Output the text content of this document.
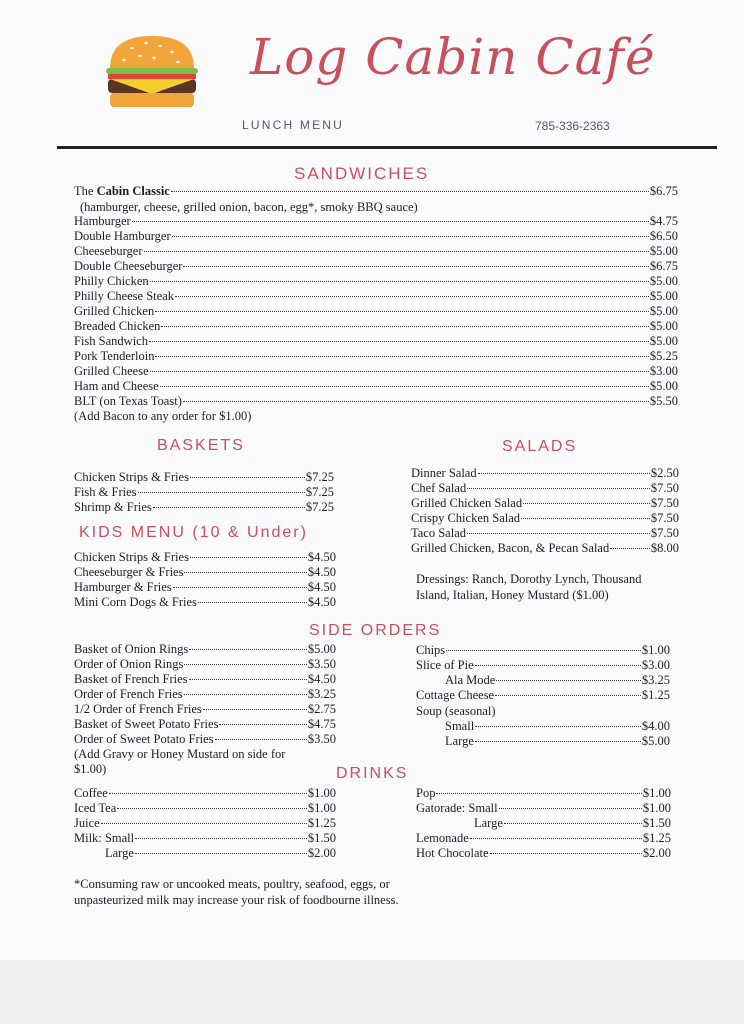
Log Cabin Café
LUNCH MENU	785-336-2363
SANDWICHES
The Cabin Classic	$6.75
(hamburger, cheese, grilled onion, bacon, egg*, smoky BBQ sauce)
Hamburger	$4.75
Double Hamburger	$6.50
Cheeseburger	$5.00
Double Cheeseburger	$6.75
Philly Chicken	$5.00
Philly Cheese Steak	$5.00
Grilled Chicken	$5.00
Breaded Chicken	$5.00
Fish Sandwich	$5.00
Pork Tenderloin	$5.25
Grilled Cheese	$3.00
Ham and Cheese	$5.00
BLT (on Texas Toast)	$5.50
(Add Bacon to any order for $1.00)
BASKETS
Chicken Strips & Fries	$7.25
Fish & Fries	$7.25
Shrimp & Fries	$7.25
KIDS MENU (10 & Under)
Chicken Strips & Fries	$4.50
Cheeseburger & Fries	$4.50
Hamburger & Fries	$4.50
Mini Corn Dogs & Fries	$4.50
SALADS
Dinner Salad	$2.50
Chef Salad	$7.50
Grilled Chicken Salad	$7.50
Crispy Chicken Salad	$7.50
Taco Salad	$7.50
Grilled Chicken, Bacon, & Pecan Salad	$8.00
Dressings: Ranch, Dorothy Lynch, Thousand
Island, Italian, Honey Mustard ($1.00)
SIDE ORDERS
Basket of Onion Rings	$5.00
Order of Onion Rings	$3.50
Basket of French Fries	$4.50
Order of French Fries	$3.25
1/2 Order of French Fries	$2.75
Basket of Sweet Potato Fries	$4.75
Order of Sweet Potato Fries	$3.50
(Add Gravy or Honey Mustard on side for
$1.00)
Chips	$1.00
Slice of Pie	$3.00
Ala Mode	$3.25
Cottage Cheese	$1.25
Soup (seasonal)
Small	$4.00
Large	$5.00
DRINKS
Coffee	$1.00
Iced Tea	$1.00
Juice	$1.25
Milk: Small	$1.50
Large	$2.00
Pop	$1.00
Gatorade: Small	$1.00
Large	$1.50
Lemonade	$1.25
Hot Chocolate	$2.00
*Consuming raw or uncooked meats, poultry, seafood, eggs, or
unpasteurized milk may increase your risk of foodbourne illness.
